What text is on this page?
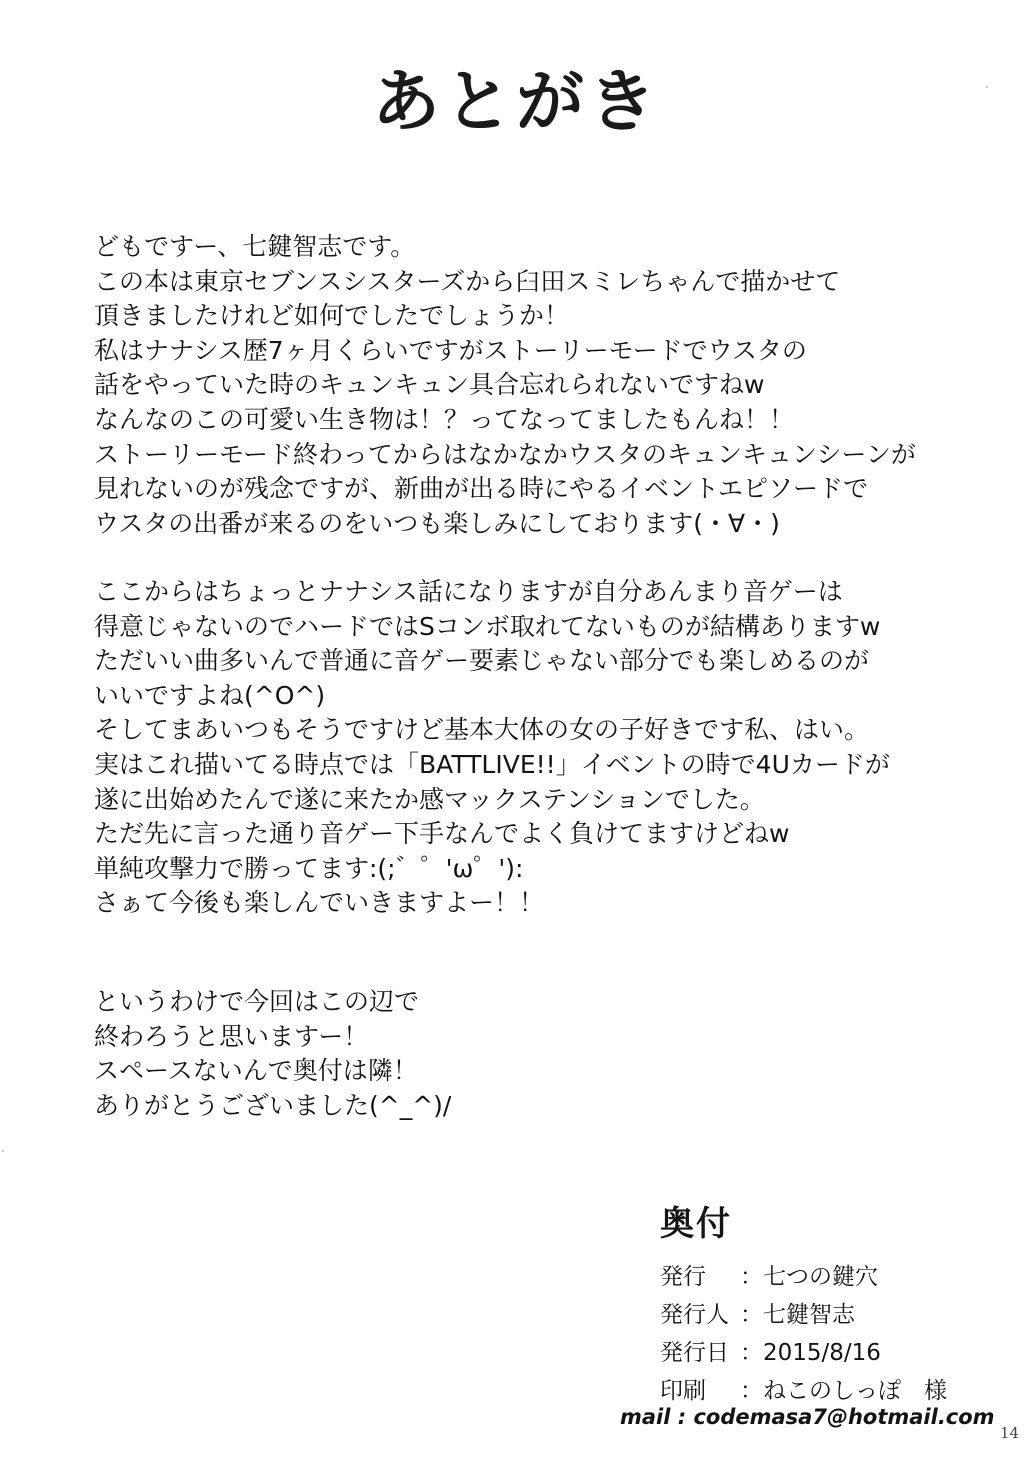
あとがき
どもですー、七鍵智志です。
この本は東京セブンスシスターズから臼田スミレちゃんで描かせて
頂きましたけれど如何でしたでしょうか！
私はナナシス歴7ヶ月くらいですがストーリーモードでウスタの
話をやっていた時のキュンキュン具合忘れられないですねw
なんなのこの可愛い生き物は！？ってなってましたもんね！！
ストーリーモード終わってからはなかなかウスタのキュンキュンシーンが
見れないのが残念ですが、新曲が出る時にやるイベントエピソードで
ウスタの出番が来るのをいつも楽しみにしております(・∀・)
ここからはちょっとナナシス話になりますが自分あんまり音ゲーは
得意じゃないのでハードではSコンボ取れてないものが結構ありますw
ただいい曲多いんで普通に音ゲー要素じゃない部分でも楽しめるのが
いいですよね(^O^)
そしてまあいつもそうですけど基本大体の女の子好きです私、はい。
実はこれ描いてる時点では「BATTLIVE!!」イベントの時で4Uカードが
遂に出始めたんで遂に来たか感マックステンションでした。
ただ先に言った通り音ゲー下手なんでよく負けてますけどねw
単純攻撃力で勝ってます:(;゛゜'ω゜'):
さぁて今後も楽しんでいきますよー！！
というわけで今回はこの辺で
終わろうと思いますー！
スペースないんで奥付は隣！
ありがとうございました(^_^)/
奥付
発行	：七つの鍵穴
発行人 ：七鍵智志
発行日 ：2015/8/16
印刷	：ねこのしっぽ　様
mail : codemasa7@hotmail.com
14
